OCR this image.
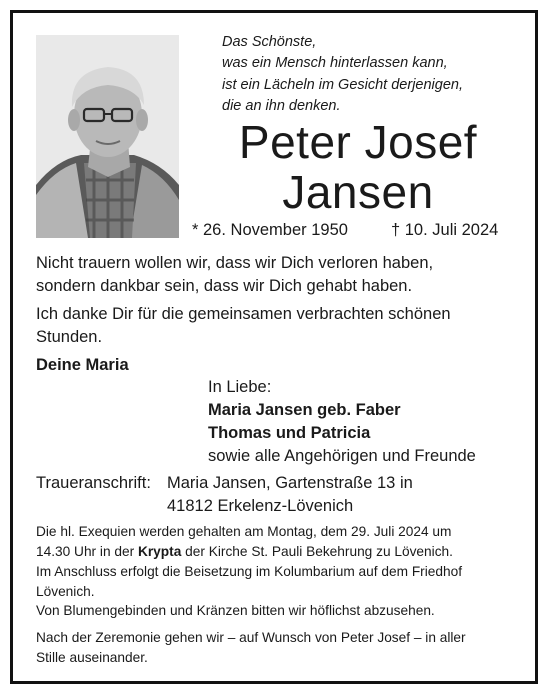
Das Schönste,
was ein Mensch hinterlassen kann,
ist ein Lächeln im Gesicht derjenigen,
die an ihn denken.
Peter Josef
Jansen
* 26. November 1950	† 10. Juli 2024
Nicht trauern wollen wir, dass wir Dich verloren haben,
sondern dankbar sein, dass wir Dich gehabt haben.
Ich danke Dir für die gemeinsamen verbrachten schönen
Stunden.
Deine Maria
In Liebe:
Maria Jansen geb. Faber
Thomas und Patricia
sowie alle Angehörigen und Freunde
Traueranschrift: Maria Jansen, Gartenstraße 13 in
41812 Erkelenz-Lövenich
Die hl. Exequien werden gehalten am Montag, dem 29. Juli 2024 um
14.30 Uhr in der Krypta der Kirche St. Pauli Bekehrung zu Lövenich.
Im Anschluss erfolgt die Beisetzung im Kolumbarium auf dem Friedhof
Lövenich.
Von Blumengebinden und Kränzen bitten wir höflichst abzusehen.
Nach der Zeremonie gehen wir – auf Wunsch von Peter Josef – in aller
Stille auseinander.
